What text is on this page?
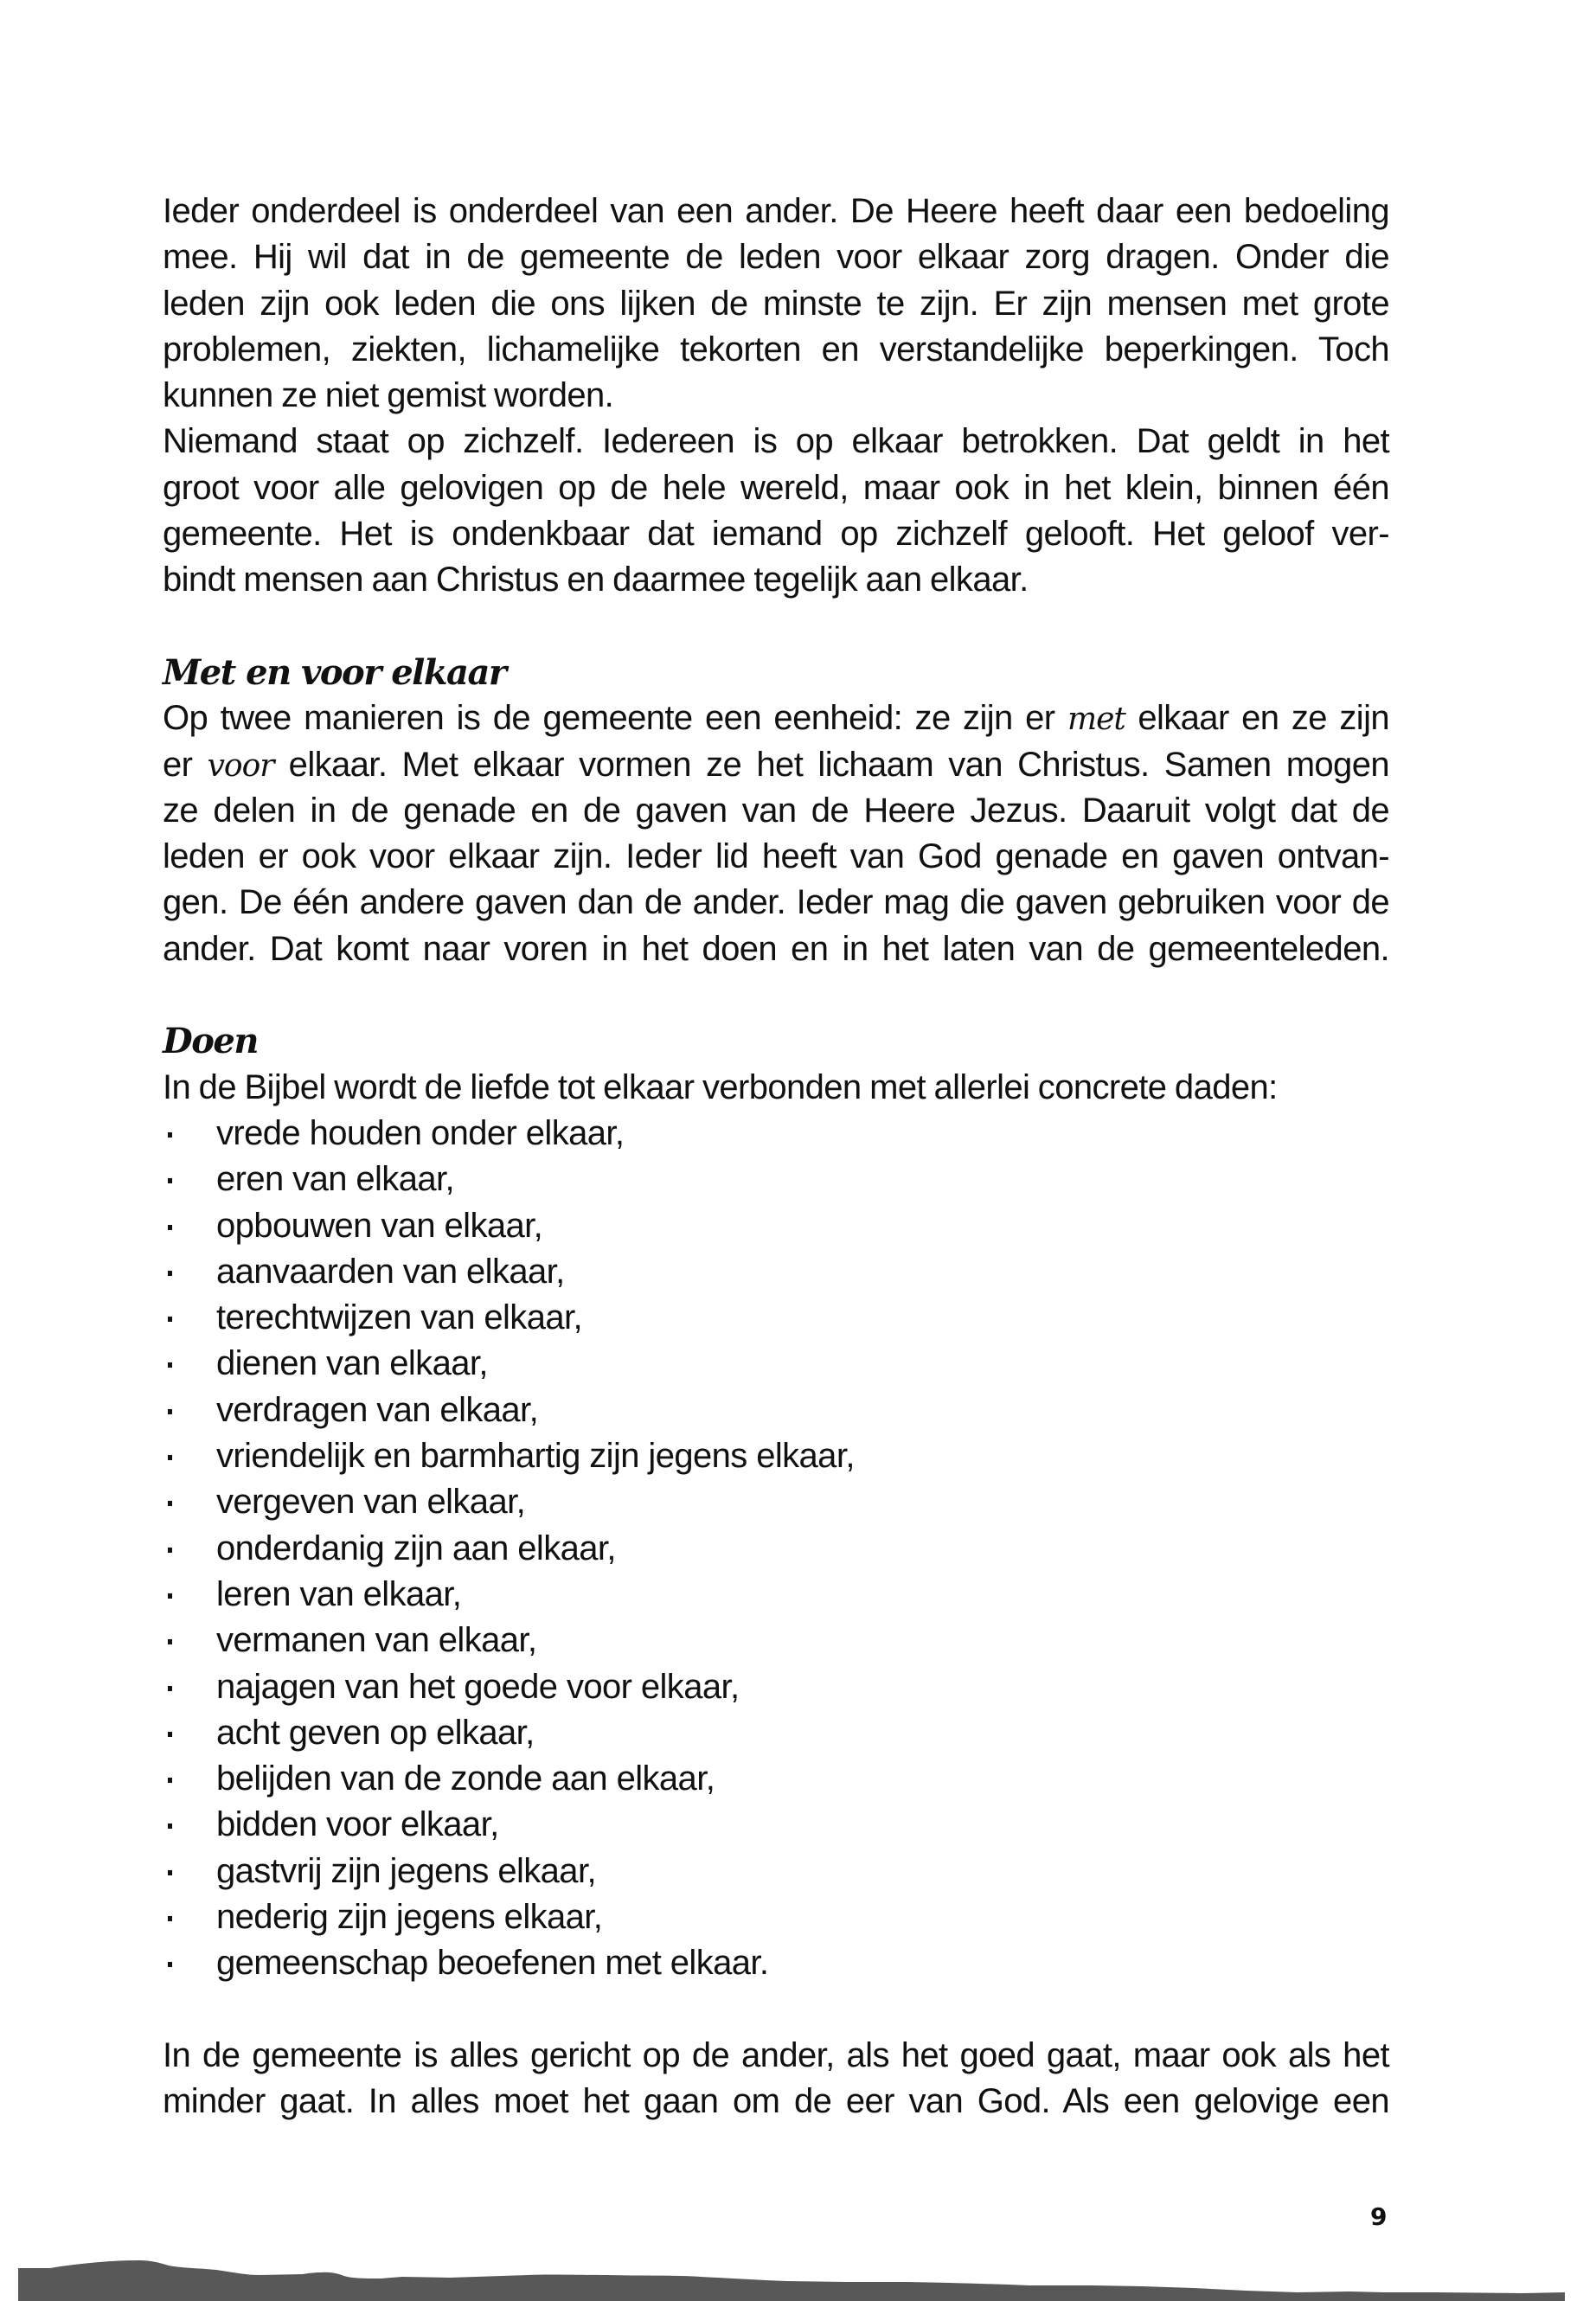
Ieder onderdeel is onderdeel van een ander. De Heere heeft daar een bedoeling
mee. Hij wil dat in de gemeente de leden voor elkaar zorg dragen. Onder die
leden zijn ook leden die ons lijken de minste te zijn. Er zijn mensen met grote
problemen, ziekten, lichamelijke tekorten en verstandelijke beperkingen. Toch
kunnen ze niet gemist worden.
Niemand staat op zichzelf. Iedereen is op elkaar betrokken. Dat geldt in het
groot voor alle gelovigen op de hele wereld, maar ook in het klein, binnen één
gemeente. Het is ondenkbaar dat iemand op zichzelf gelooft. Het geloof ver-
bindt mensen aan Christus en daarmee tegelijk aan elkaar.
Met en voor elkaar
Op twee manieren is de gemeente een eenheid: ze zijn er met elkaar en ze zijn
er voor elkaar. Met elkaar vormen ze het lichaam van Christus. Samen mogen
ze delen in de genade en de gaven van de Heere Jezus. Daaruit volgt dat de
leden er ook voor elkaar zijn. Ieder lid heeft van God genade en gaven ontvan-
gen. De één andere gaven dan de ander. Ieder mag die gaven gebruiken voor de
ander. Dat komt naar voren in het doen en in het laten van de gemeenteleden.
Doen
In de Bijbel wordt de liefde tot elkaar verbonden met allerlei concrete daden:
vrede houden onder elkaar,
eren van elkaar,
opbouwen van elkaar,
aanvaarden van elkaar,
terechtwijzen van elkaar,
dienen van elkaar,
verdragen van elkaar,
vriendelijk en barmhartig zijn jegens elkaar,
vergeven van elkaar,
onderdanig zijn aan elkaar,
leren van elkaar,
vermanen van elkaar,
najagen van het goede voor elkaar,
acht geven op elkaar,
belijden van de zonde aan elkaar,
bidden voor elkaar,
gastvrij zijn jegens elkaar,
nederig zijn jegens elkaar,
gemeenschap beoefenen met elkaar.
In de gemeente is alles gericht op de ander, als het goed gaat, maar ook als het
minder gaat. In alles moet het gaan om de eer van God. Als een gelovige een
9
